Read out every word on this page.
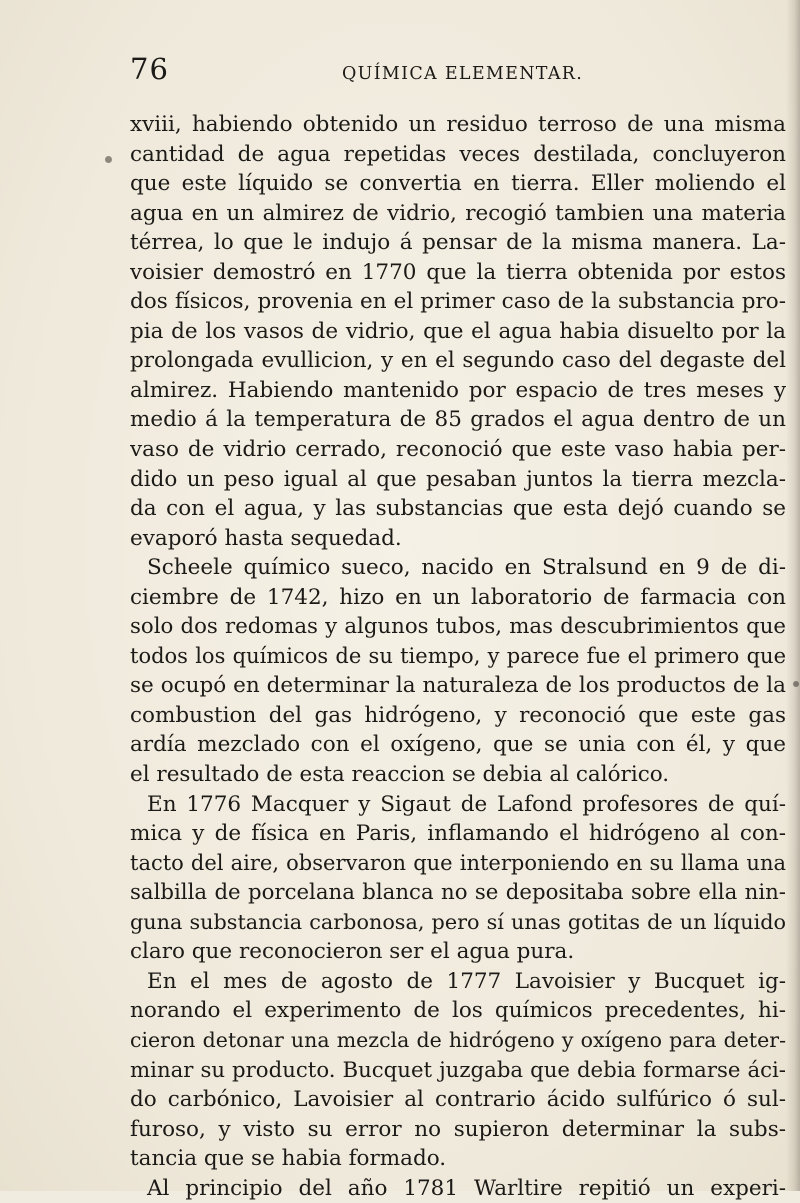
76	QUÍMICA ELEMENTAR.
xviii, habiendo obtenido un residuo terroso de una misma
cantidad de agua repetidas veces destilada, concluyeron
que este líquido se convertia en tierra. Eller moliendo el
agua en un almirez de vidrio, recogió tambien una materia
térrea, lo que le indujo á pensar de la misma manera. La-
voisier demostró en 1770 que la tierra obtenida por estos
dos físicos, provenia en el primer caso de la substancia pro-
pia de los vasos de vidrio, que el agua habia disuelto por la
prolongada evullicion, y en el segundo caso del degaste del
almirez. Habiendo mantenido por espacio de tres meses y
medio á la temperatura de 85 grados el agua dentro de un
vaso de vidrio cerrado, reconoció que este vaso habia per-
dido un peso igual al que pesaban juntos la tierra mezcla-
da con el agua, y las substancias que esta dejó cuando se
evaporó hasta sequedad.
Scheele químico sueco, nacido en Stralsund en 9 de di-
ciembre de 1742, hizo en un laboratorio de farmacia con
solo dos redomas y algunos tubos, mas descubrimientos que
todos los químicos de su tiempo, y parece fue el primero que
se ocupó en determinar la naturaleza de los productos de la
combustion del gas hidrógeno, y reconoció que este gas
ardía mezclado con el oxígeno, que se unia con él, y que
el resultado de esta reaccion se debia al calórico.
En 1776 Macquer y Sigaut de Lafond profesores de quí-
mica y de física en Paris, inflamando el hidrógeno al con-
tacto del aire, observaron que interponiendo en su llama una
salbilla de porcelana blanca no se depositaba sobre ella nin-
guna substancia carbonosa, pero sí unas gotitas de un líquido
claro que reconocieron ser el agua pura.
En el mes de agosto de 1777 Lavoisier y Bucquet ig-
norando el experimento de los químicos precedentes, hi-
cieron detonar una mezcla de hidrógeno y oxígeno para deter-
minar su producto. Bucquet juzgaba que debia formarse áci-
do carbónico, Lavoisier al contrario ácido sulfúrico ó sul-
furoso, y visto su error no supieron determinar la subs-
tancia que se habia formado.
Al principio del año 1781 Warltire repitió un experi-
